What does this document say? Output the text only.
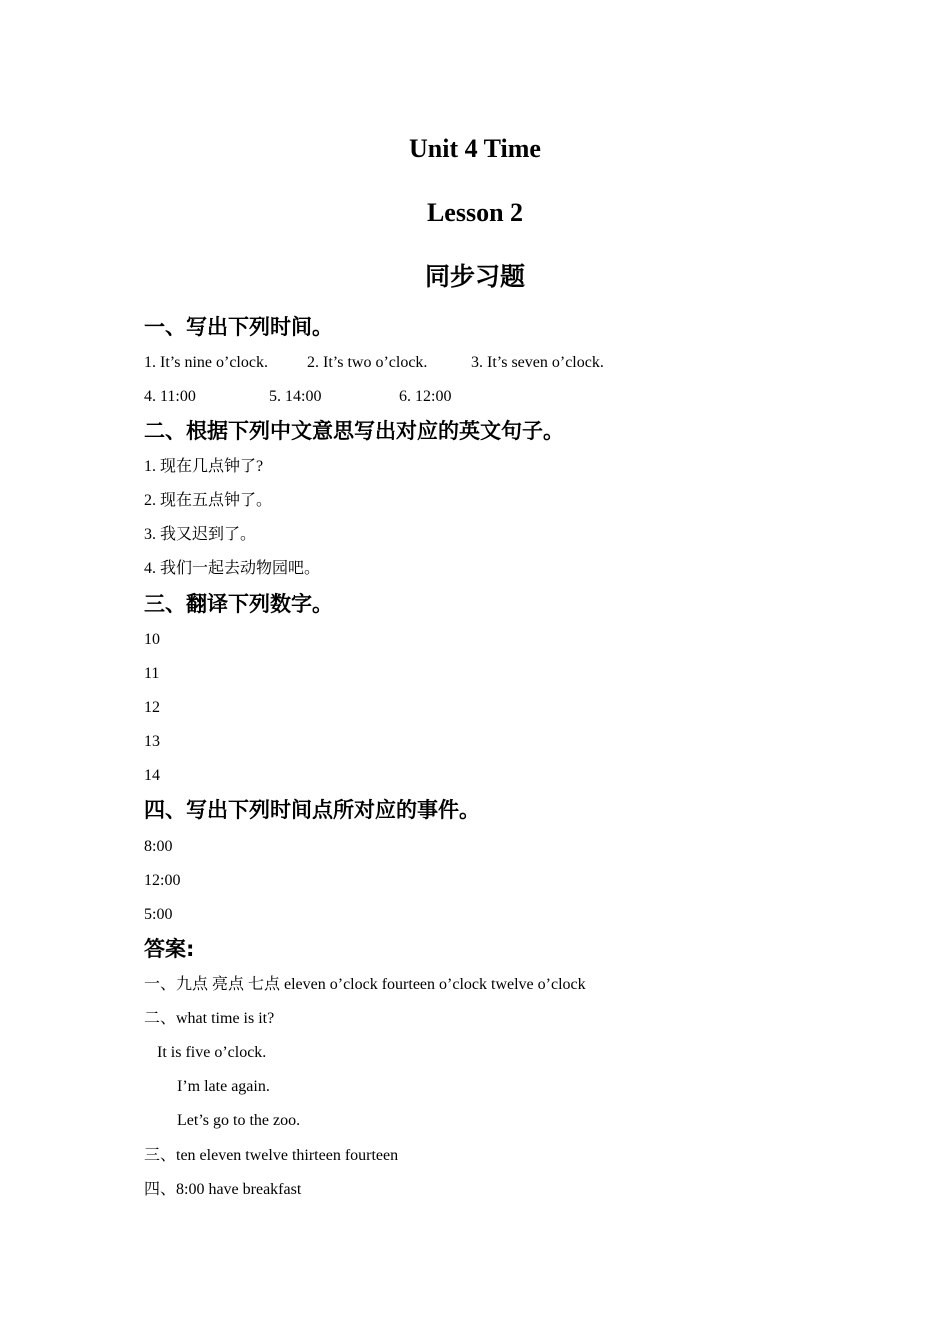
Unit 4 Time
Lesson 2
同步习题
一、写出下列时间。
1. It’s nine o’clock. 2. It’s two o’clock.	3. It’s seven o’clock.
4. 11:00	5. 14:00	6. 12:00
二、根据下列中文意思写出对应的英文句子。
1. 现在几点钟了?
2. 现在五点钟了。
3. 我又迟到了。
4. 我们一起去动物园吧。
三、翻译下列数字。
10
11
12
13
14
四、写出下列时间点所对应的事件。
8:00
12:00
5:00
答案:
一、九点 亮点 七点 eleven o’clock fourteen o’clock twelve o’clock
二、what time is it?
It is five o’clock.
I’m late again.
Let’s go to the zoo.
三、ten eleven twelve thirteen fourteen
四、8:00 have breakfast
